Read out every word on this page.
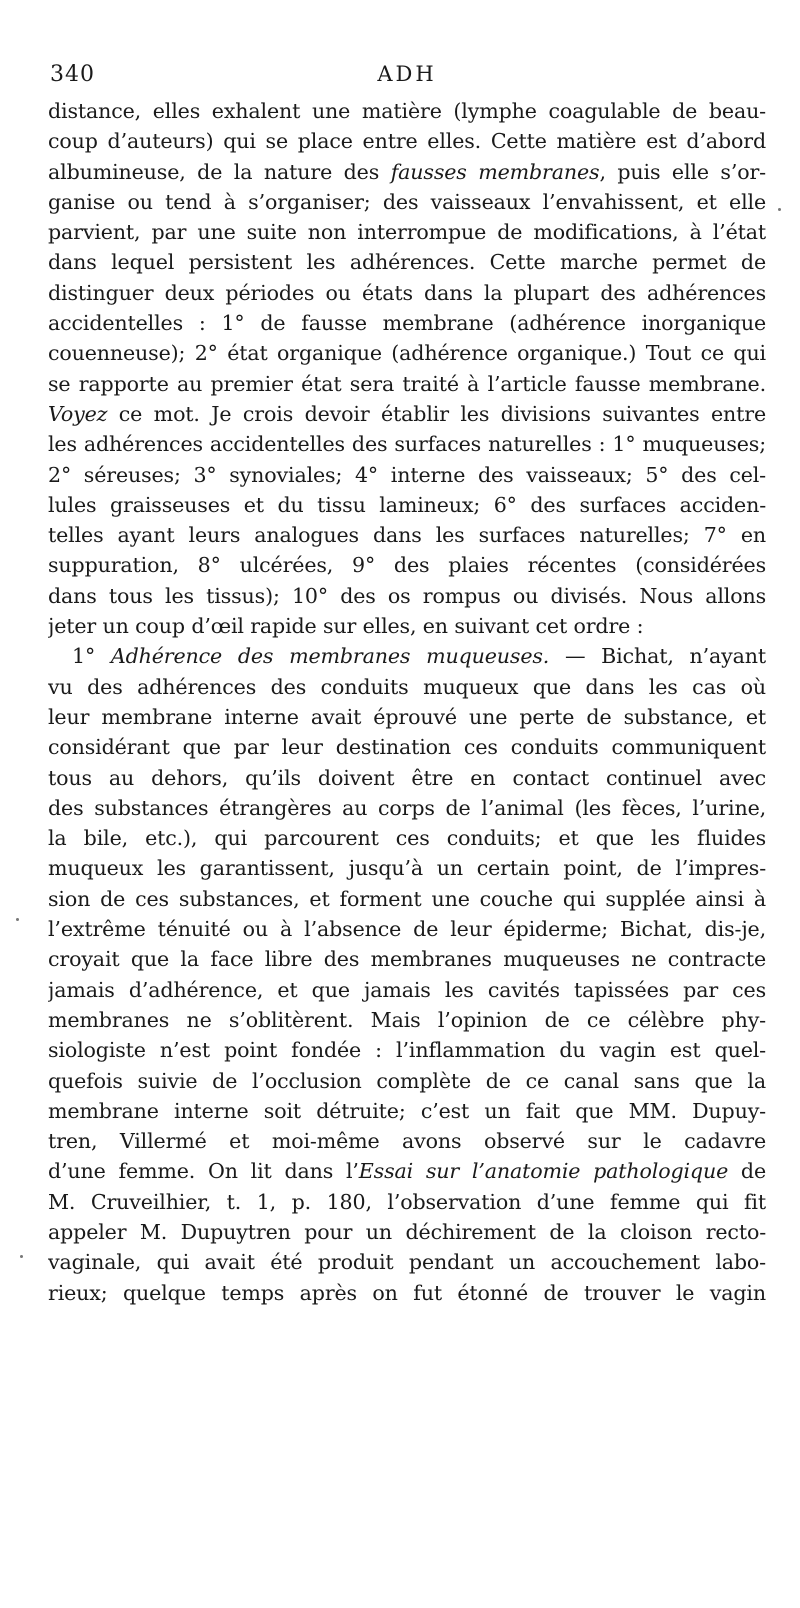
340	ADH
distance, elles exhalent une matière (lymphe coagulable de beau-
coup d’auteurs) qui se place entre elles. Cette matière est d’abord
albumineuse, de la nature des fausses membranes, puis elle s’or-
ganise ou tend à s’organiser; des vaisseaux l’envahissent, et elle
parvient, par une suite non interrompue de modifications, à l’état
dans lequel persistent les adhérences. Cette marche permet de
distinguer deux périodes ou états dans la plupart des adhérences
accidentelles : 1° de fausse membrane (adhérence inorganique
couenneuse); 2° état organique (adhérence organique.) Tout ce qui
se rapporte au premier état sera traité à l’article fausse membrane.
Voyez ce mot. Je crois devoir établir les divisions suivantes entre
les adhérences accidentelles des surfaces naturelles : 1° muqueuses;
2° séreuses; 3° synoviales; 4° interne des vaisseaux; 5° des cel-
lules graisseuses et du tissu lamineux; 6° des surfaces acciden-
telles ayant leurs analogues dans les surfaces naturelles; 7° en
suppuration, 8° ulcérées, 9° des plaies récentes (considérées
dans tous les tissus); 10° des os rompus ou divisés. Nous allons
jeter un coup d’œil rapide sur elles, en suivant cet ordre :
1° Adhérence des membranes muqueuses. — Bichat, n’ayant
vu des adhérences des conduits muqueux que dans les cas où
leur membrane interne avait éprouvé une perte de substance, et
considérant que par leur destination ces conduits communiquent
tous au dehors, qu’ils doivent être en contact continuel avec
des substances étrangères au corps de l’animal (les fèces, l’urine,
la bile, etc.), qui parcourent ces conduits; et que les fluides
muqueux les garantissent, jusqu’à un certain point, de l’impres-
sion de ces substances, et forment une couche qui supplée ainsi à
l’extrême ténuité ou à l’absence de leur épiderme; Bichat, dis-je,
croyait que la face libre des membranes muqueuses ne contracte
jamais d’adhérence, et que jamais les cavités tapissées par ces
membranes ne s’oblitèrent. Mais l’opinion de ce célèbre phy-
siologiste n’est point fondée : l’inflammation du vagin est quel-
quefois suivie de l’occlusion complète de ce canal sans que la
membrane interne soit détruite; c’est un fait que MM. Dupuy-
tren, Villermé et moi-même avons observé sur le cadavre
d’une femme. On lit dans l’Essai sur l’anatomie pathologique de
M. Cruveilhier, t. 1, p. 180, l’observation d’une femme qui fit
appeler M. Dupuytren pour un déchirement de la cloison recto-
vaginale, qui avait été produit pendant un accouchement labo-
rieux; quelque temps après on fut étonné de trouver le vagin
